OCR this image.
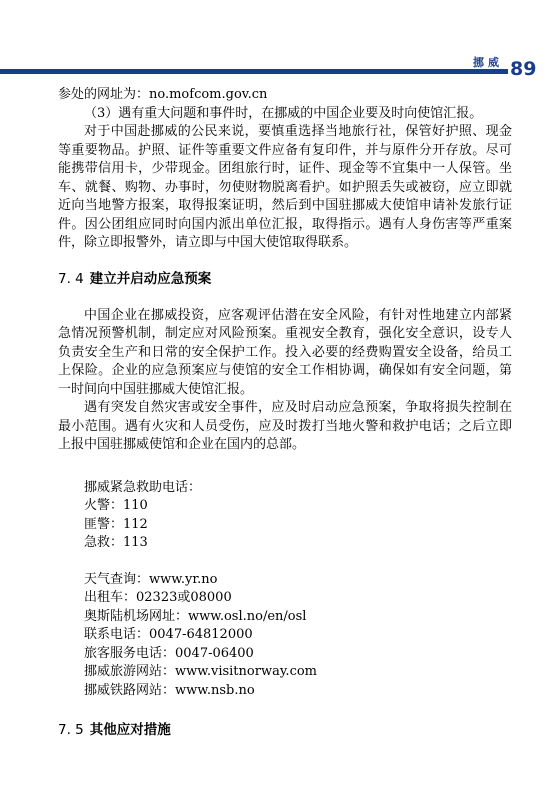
挪威 89

参处的网址为：no.mofcom.gov.cn

（3）遇有重大问题和事件时，在挪威的中国企业要及时向使馆汇报。

对于中国赴挪威的公民来说，要慎重选择当地旅行社，保管好护照、现金等重要物品。护照、证件等重要文件应备有复印件，并与原件分开存放。尽可能携带信用卡，少带现金。团组旅行时，证件、现金等不宜集中一人保管。坐车、就餐、购物、办事时，勿使财物脱离看护。如护照丢失或被窃，应立即就近向当地警方报案，取得报案证明，然后到中国驻挪威大使馆申请补发旅行证件。因公团组应同时向国内派出单位汇报，取得指示。遇有人身伤害等严重案件，除立即报警外，请立即与中国大使馆取得联系。

7. 4 建立并启动应急预案

中国企业在挪威投资，应客观评估潜在安全风险，有针对性地建立内部紧急情况预警机制，制定应对风险预案。重视安全教育，强化安全意识，设专人负责安全生产和日常的安全保护工作。投入必要的经费购置安全设备，给员工上保险。企业的应急预案应与使馆的安全工作相协调，确保如有安全问题，第一时间向中国驻挪威大使馆汇报。

遇有突发自然灾害或安全事件，应及时启动应急预案，争取将损失控制在最小范围。遇有火灾和人员受伤，应及时拨打当地火警和救护电话；之后立即上报中国驻挪威使馆和企业在国内的总部。

挪威紧急救助电话：

火警：110

匪警：112

急救：113

天气查询：www.yr.no

出租车：02323或08000

奥斯陆机场网址：www.osl.no/en/osl

联系电话：0047-64812000

旅客服务电话：0047-06400

挪威旅游网站：www.visitnorway.com

挪威铁路网站：www.nsb.no

7. 5 其他应对措施
